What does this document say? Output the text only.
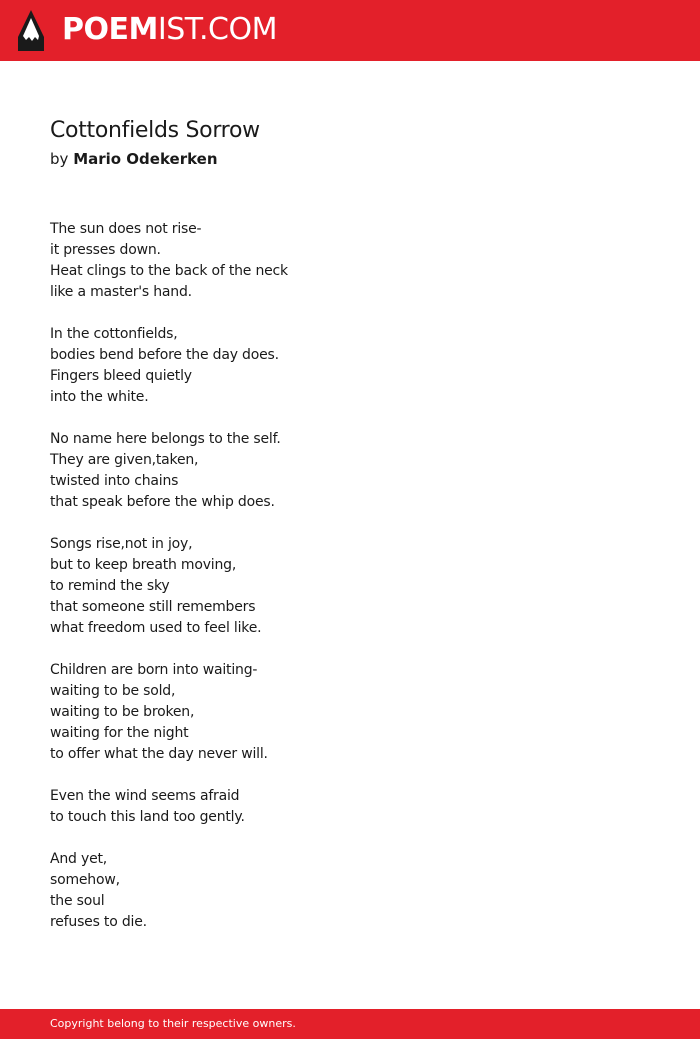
POEMIST.COM
Cottonfields Sorrow
by Mario Odekerken
The sun does not rise-
it presses down.
Heat clings to the back of the neck
like a master's hand.
In the cottonfields,
bodies bend before the day does.
Fingers bleed quietly
into the white.
No name here belongs to the self.
They are given,taken,
twisted into chains
that speak before the whip does.
Songs rise,not in joy,
but to keep breath moving,
to remind the sky
that someone still remembers
what freedom used to feel like.
Children are born into waiting-
waiting to be sold,
waiting to be broken,
waiting for the night
to offer what the day never will.
Even the wind seems afraid
to touch this land too gently.
And yet,
somehow,
the soul
refuses to die.
Copyright belong to their respective owners.
